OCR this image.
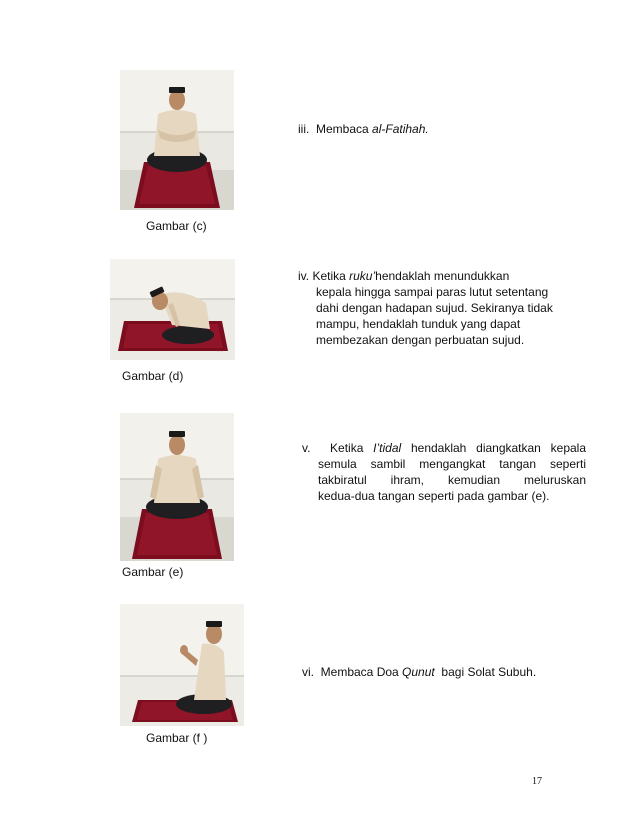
Gambar (c)
’ ’
Gambar (d)
Gambar (e)
Gambar (f )

iii. Membaca al-Fatihah.

iv. Ketika ruku’hendaklah menundukkan

kepala hingga sampai paras lutut setentang
dahi dengan hadapan sujud. Sekiranya tidak
mampu, hendaklah tunduk yang dapat
membezakan dengan perbuatan sujud.

v. Ketika I’tidal hendaklah diangkatkan kepala

semula sambil mengangkat tangan seperti
takbiratul ihram, kemudian meluruskan
kedua-dua tangan seperti pada gambar (e).

vi. Membaca Doa Qunut  bagi Solat Subuh.

17
